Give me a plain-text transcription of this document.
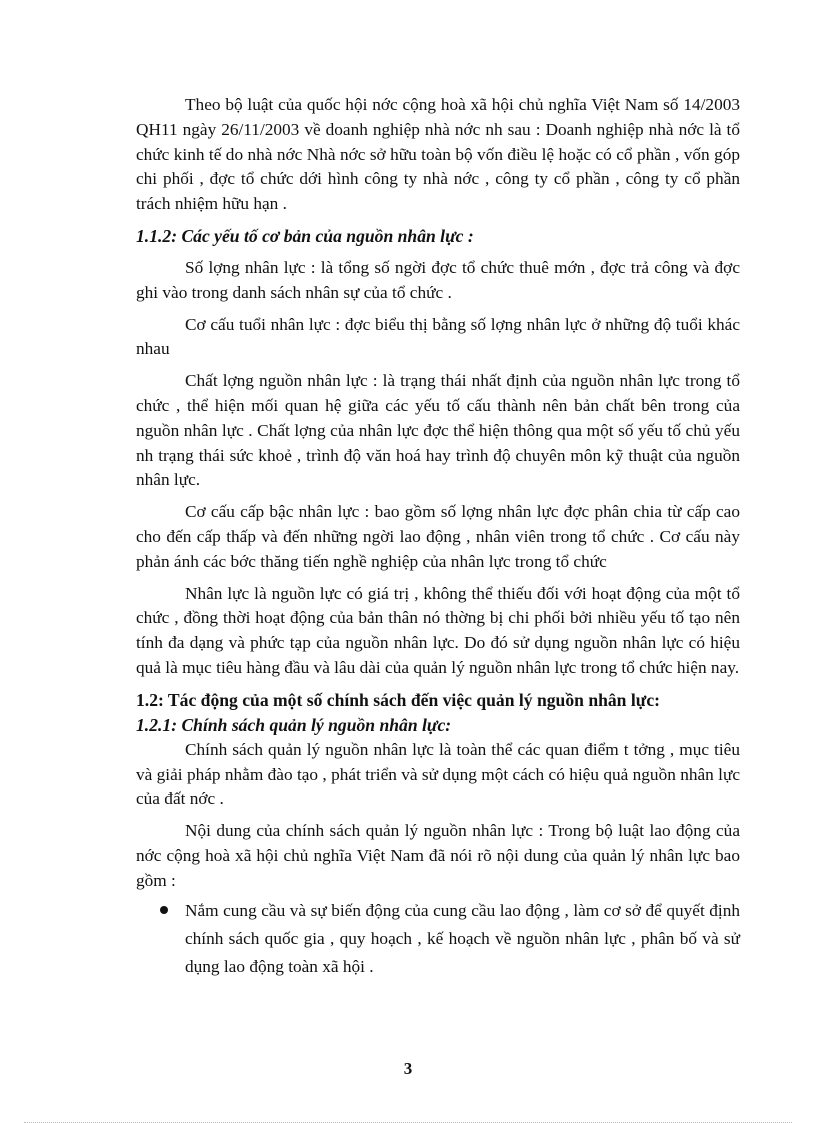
Theo bộ luật của quốc hội nớc cộng hoà xã hội chủ nghĩa Việt Nam số 14/2003 QH11 ngày 26/11/2003 về doanh nghiệp nhà nớc nh sau : Doanh nghiệp nhà nớc là tổ chức kinh tế do nhà nớc Nhà nớc sở hữu toàn bộ vốn điều lệ hoặc có cổ phần , vốn góp chi phối , đợc tổ chức dới hình công ty nhà nớc , công ty cổ phần , công ty cổ phần trách nhiệm hữu hạn .

1.1.2: Các yếu tố cơ bản của nguồn nhân lực :

Số lợng nhân lực : là tổng số ngời đợc tổ chức thuê mớn , đợc trả công và đợc ghi vào trong danh sách nhân sự của tổ chức .

Cơ cấu tuổi nhân lực : đợc biểu thị bằng số lợng nhân lực ở những độ tuổi khác nhau

Chất lợng nguồn nhân lực : là trạng thái nhất định của nguồn nhân lực trong tổ chức , thể hiện mối quan hệ giữa các yếu tố cấu thành nên bản chất bên trong của nguồn nhân lực . Chất lợng của nhân lực đợc thể hiện thông qua một số yếu tố chủ yếu nh trạng thái sức khoẻ , trình độ văn hoá hay trình độ chuyên môn kỹ thuật của nguồn nhân lực.

Cơ cấu cấp bậc nhân lực : bao gồm số lợng nhân lực đợc phân chia từ cấp cao cho đến cấp thấp và đến những ngời lao động , nhân viên trong tổ chức . Cơ cấu này phản ánh các bớc thăng tiến nghề nghiệp của nhân lực trong tổ chức

Nhân lực là nguồn lực có giá trị , không thể thiếu đối với hoạt động của một tổ chức , đồng thời hoạt động của bản thân nó thờng bị chi phối bởi nhiều yếu tố tạo nên tính đa dạng và phức tạp của nguồn nhân lực. Do đó sử dụng nguồn nhân lực có hiệu quả là mục tiêu hàng đầu và lâu dài của quản lý nguồn nhân lực trong tổ chức hiện nay.

1.2: Tác động của một số chính sách đến việc quản lý nguồn nhân lực:
1.2.1: Chính sách quản lý nguồn nhân lực:

Chính sách quản lý nguồn nhân lực là toàn thể các quan điểm t tởng , mục tiêu và giải pháp nhằm đào tạo , phát triển và sử dụng một cách có hiệu quả nguồn nhân lực của đất nớc .

Nội dung của chính sách quản lý nguồn nhân lực : Trong bộ luật lao động của nớc cộng hoà xã hội chủ nghĩa Việt Nam đã nói rõ nội dung của quản lý nhân lực bao gồm :

Nắm cung cầu và sự biến động của cung cầu lao động , làm cơ sở để quyết định chính sách quốc gia , quy hoạch , kế hoạch về nguồn nhân lực , phân bố và sử dụng lao động toàn xã hội .
3
